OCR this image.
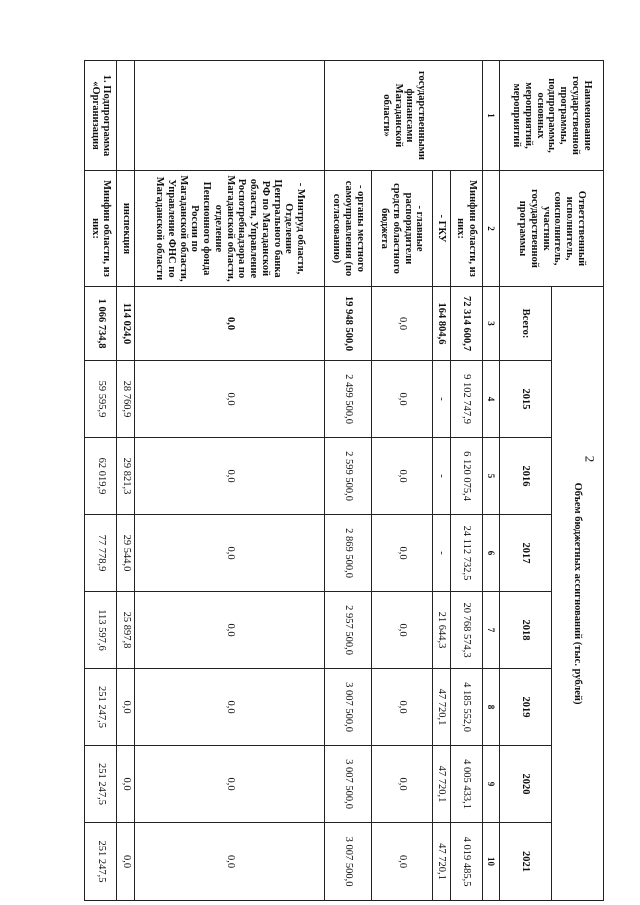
2
Наименование государственной программы, подпрограммы, основных мероприятий, мероприятий	Ответственный исполнитель, соисполнитель, участник государственной программы	Объем бюджетных ассигнований (тыс. рублей)							
		Всего:	2015	2016	2017	2018	2019	2020	2021
1	2	3	4	5	6	7	8	9	10
государственными финансами Магаданской области»	Минфин области, из них:	72 314 600,7	9 102 747,9	6 120 075,4	24 112 732,5	20 768 574,3	4 185 552,0	4 005 433,1	4 019 485,5
	- ГКУ	164 804,6	-	-	-	21 644,3	47 720,1	47 720,1	47 720,1
	- главные распорядители средств областного бюджета	0,0	0,0	0,0	0,0	0,0	0,0	0,0	0,0
	- органы местного самоуправления (по согласованию)	19 948 500,0	2 499 500,0	2 599 500,0	2 869 500,0	2 957 500,0	3 007 500,0	3 007 500,0	3 007 500,0
	- Минтруд области, Отделение Центрального банка РФ по Магаданской области, Управление Роспотребнадзора по Магаданской области, отделение Пенсионного фонда России по Магаданской области, Управление ФНС по Магаданской области	0,0	0,0	0,0	0,0	0,0	0,0	0,0	0,0

	инспекция	114 024,0	28 760,9	29 821,3	29 544,0	25 897,8	0,0	0,0	0,0
1. Подпрограмма «Организация	Минфин области, из них:	1 066 734,8	59 595,9	62 019,9	77 778,9	113 597,6	251 247,5	251 247,5	251 247,5
